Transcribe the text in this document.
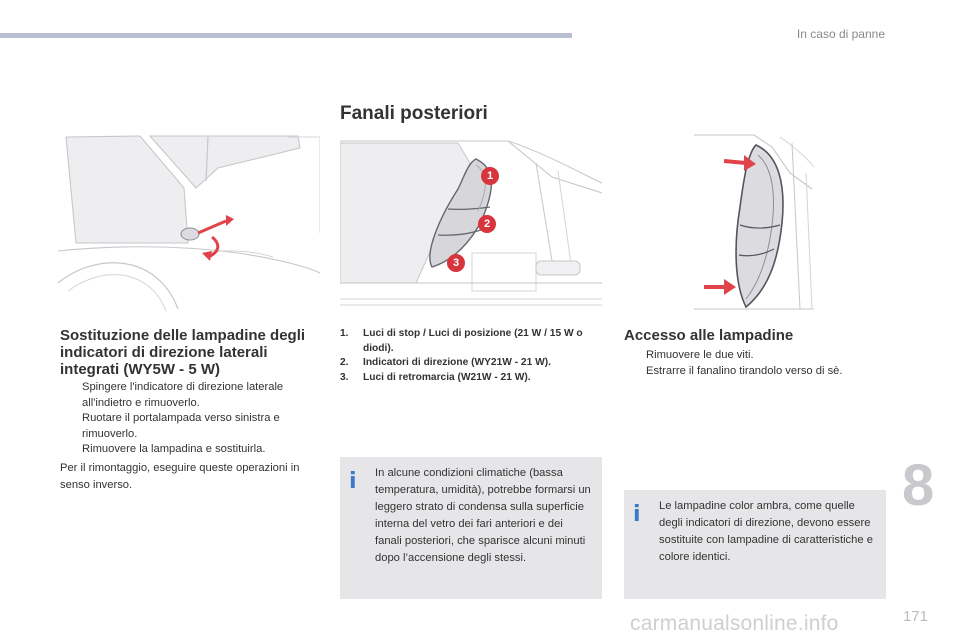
In caso di panne
Fanali posteriori
1
2
3
Sostituzione delle lampadine degli indicatori di direzione laterali integrati (WY5W - 5 W)
Spingere l'indicatore di direzione laterale all'indietro e rimuoverlo.
Ruotare il portalampada verso sinistra e rimuoverlo.
Rimuovere la lampadina e sostituirla.

Per il rimontaggio, eseguire queste operazioni in senso inverso.

1. Luci di stop / Luci di posizione (21 W / 15 W o diodi).
2. Indicatori di direzione (WY21W - 21 W).
3. Luci di retromarcia (W21W - 21 W).
i In alcune condizioni climatiche (bassa temperatura, umidità), potrebbe formarsi un leggero strato di condensa sulla superficie interna del vetro dei fari anteriori e dei fanali posteriori, che sparisce alcuni minuti dopo l’accensione degli stessi.

Accesso alle lampadine
Rimuovere le due viti.
Estrarre il fanalino tirandolo verso di sè.
i Le lampadine color ambra, come quelle degli indicatori di direzione, devono essere sostituite con lampadine di caratteristiche e colore identici.

8
171
carmanualsonline.info
